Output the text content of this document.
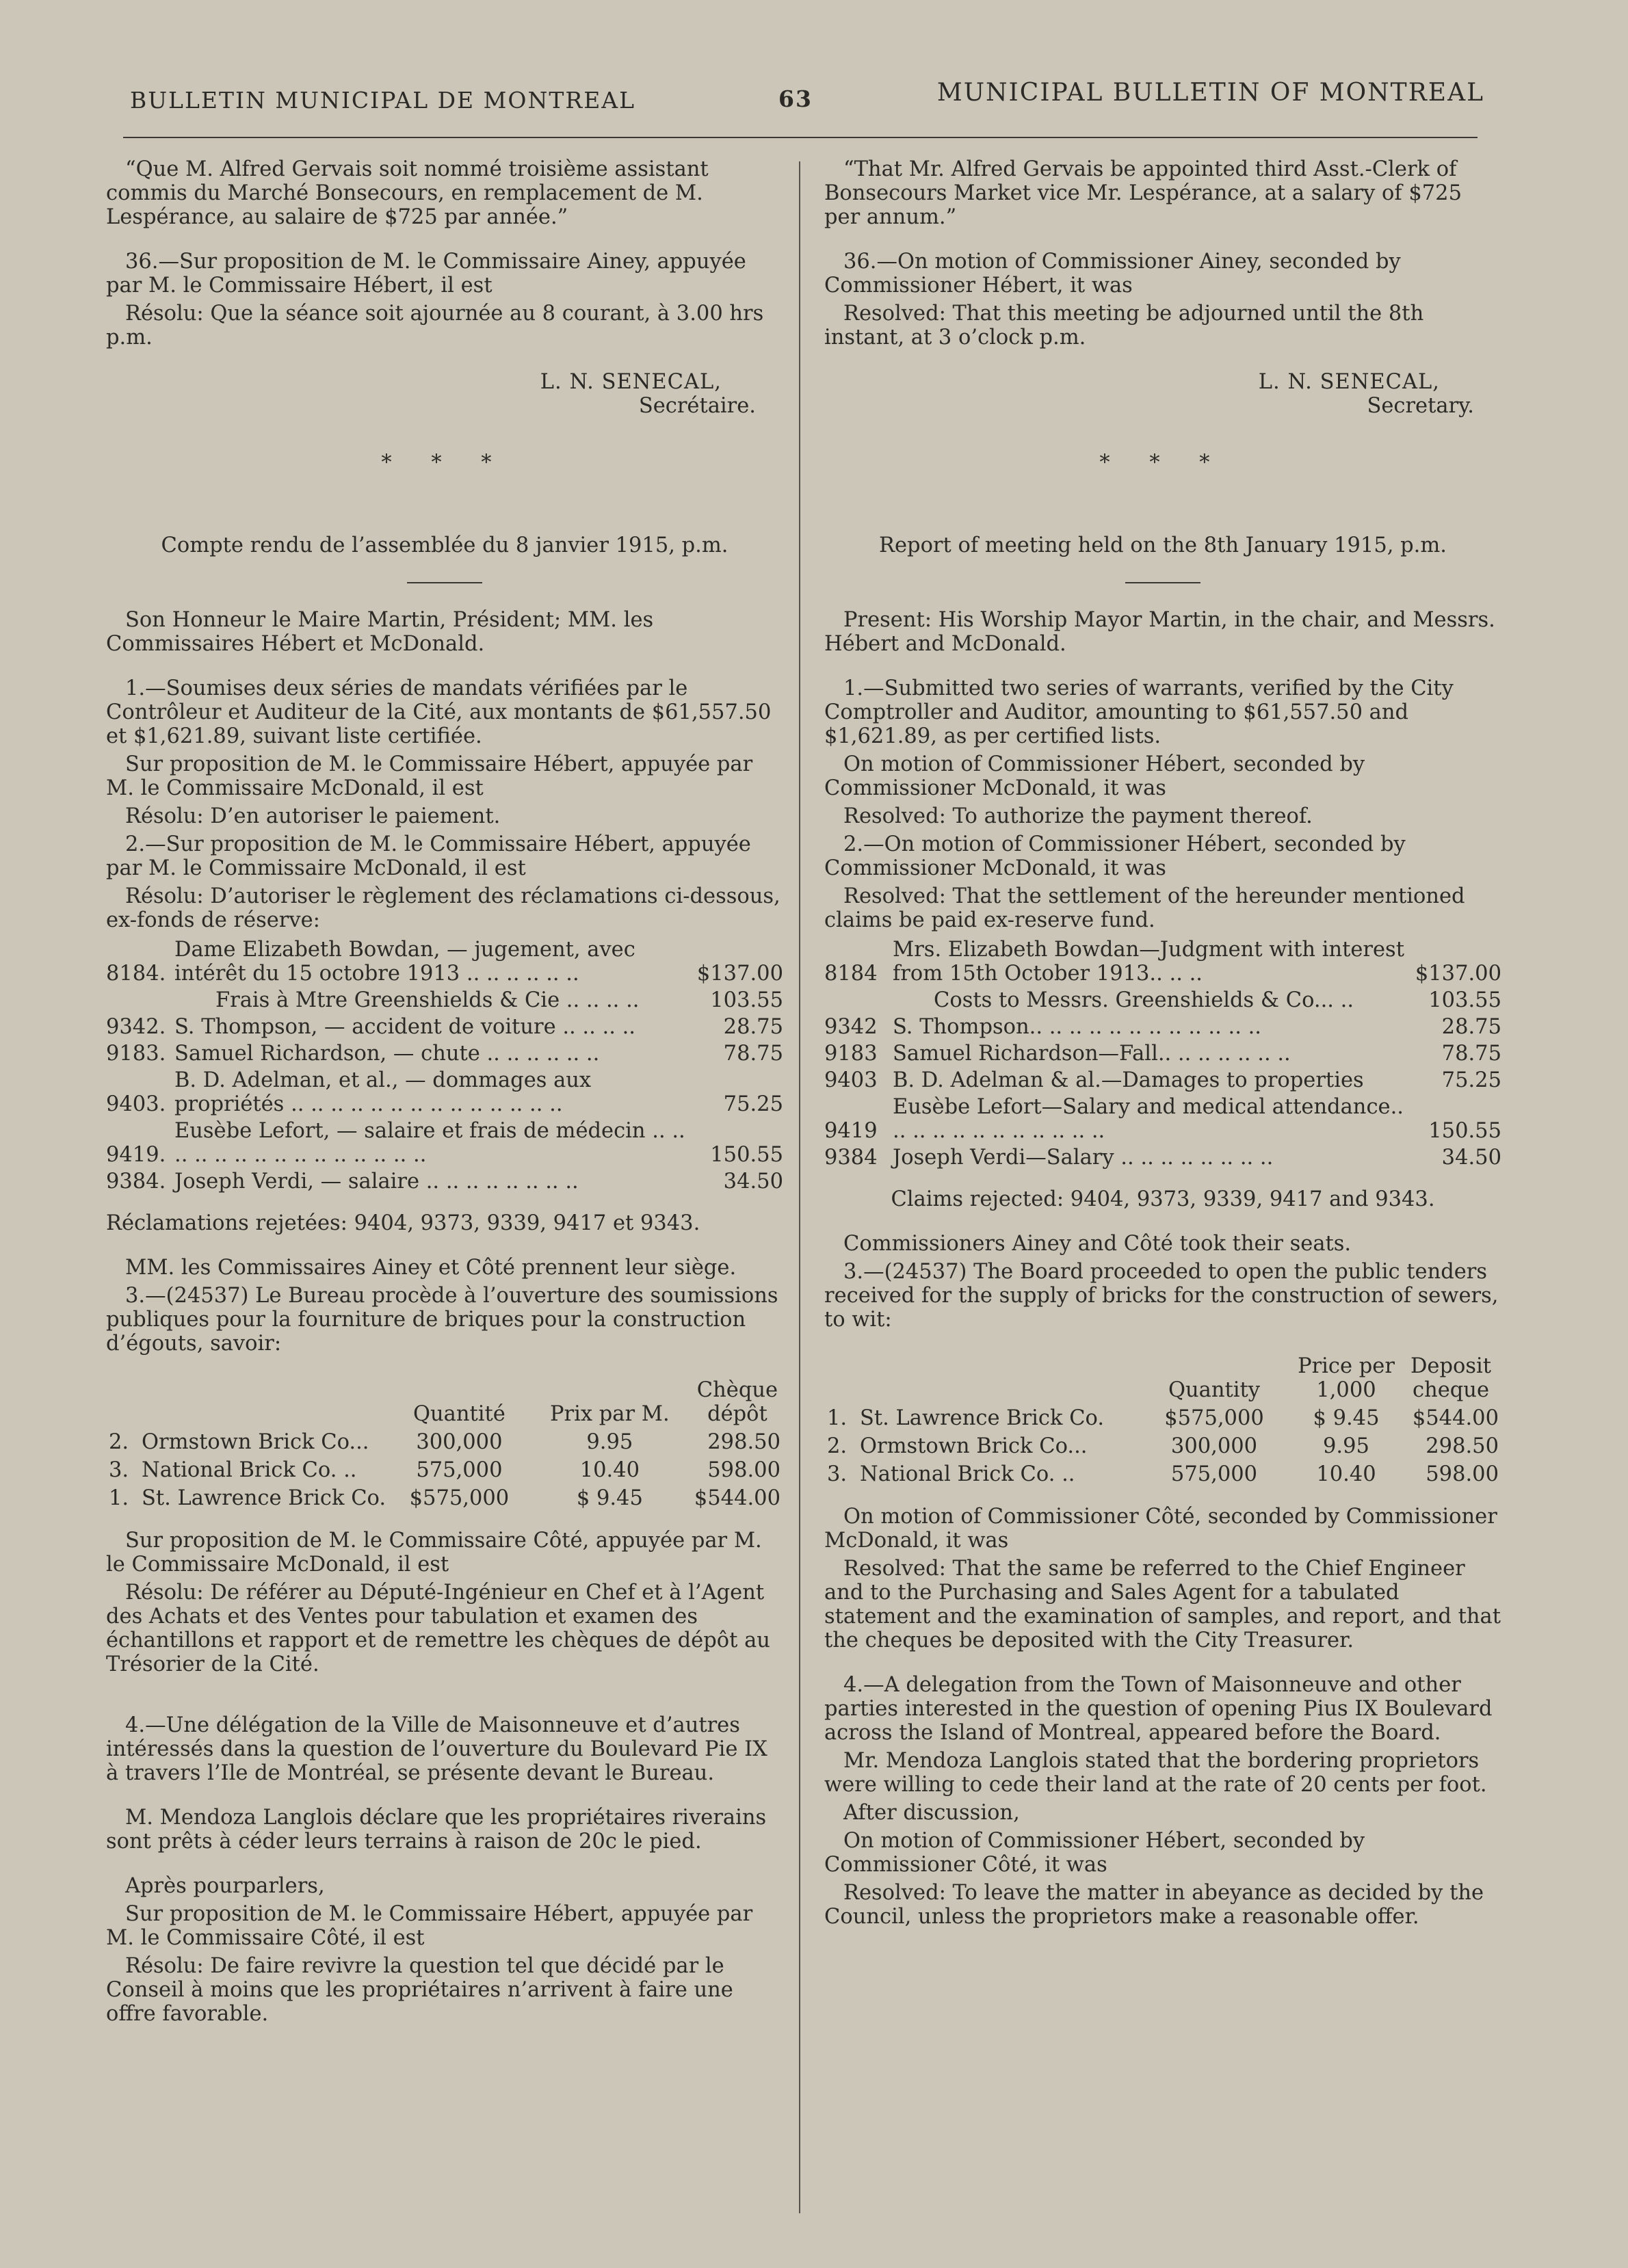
BULLETIN MUNICIPAL DE MONTREAL	63	MUNICIPAL BULLETIN OF MONTREAL

“Que M. Alfred Gervais soit nommé troisième assistant commis du Marché Bonsecours, en remplacement de M. Lespérance, au salaire de $725 par année.”

36.—Sur proposition de M. le Commissaire Ainey, appuyée par M. le Commissaire Hébert, il est

Résolu: Que la séance soit ajournée au 8 courant, à 3.00 hrs p.m.

L. N. SENECAL,

Secrétaire.

* * *

Compte rendu de l’assemblée du 8 janvier 1915, p.m.

Son Honneur le Maire Martin, Président; MM. les Commissaires Hébert et McDonald.

1.—Soumises deux séries de mandats vérifiées par le Contrôleur et Auditeur de la Cité, aux montants de $61,557.50 et $1,621.89, suivant liste certifiée.

Sur proposition de M. le Commissaire Hébert, appuyée par M. le Commissaire McDonald, il est

Résolu: D’en autoriser le paiement.

2.—Sur proposition de M. le Commissaire Hébert, appuyée par M. le Commissaire McDonald, il est

Résolu: D’autoriser le règlement des réclamations ci-dessous, ex-fonds de réserve:

8184.	Dame Elizabeth Bowdan, — jugement, avec intérêt du 15 octobre 1913 .. .. .. .. .. ..	$137.00
	Frais à Mtre Greenshields & Cie .. .. .. ..	103.55
9342.	S. Thompson, — accident de voiture .. .. .. ..	28.75
9183.	Samuel Richardson, — chute .. .. .. .. .. ..	78.75
9403.	B. D. Adelman, et al., — dommages aux propriétés .. .. .. .. .. .. .. .. .. .. .. .. .. ..	75.25
9419.	Eusèbe Lefort, — salaire et frais de médecin .. .. .. .. .. .. .. .. .. .. .. .. .. .. ..	150.55
9384.	Joseph Verdi, — salaire .. .. .. .. .. .. .. ..	34.50

Réclamations rejetées: 9404, 9373, 9339, 9417 et 9343.

MM. les Commissaires Ainey et Côté prennent leur siège.

3.—(24537) Le Bureau procède à l’ouverture des soumissions publiques pour la fourniture de briques pour la construction d’égouts, savoir:

		Quantité	Prix par M.	Chèque dépôt
2.	Ormstown Brick Co...	300,000	9.95	298.50
3.	National Brick Co. ..	575,000	10.40	598.00
1.	St. Lawrence Brick Co.	$575,000	$ 9.45	$544.00

Sur proposition de M. le Commissaire Côté, appuyée par M. le Commissaire McDonald, il est

Résolu: De référer au Député-Ingénieur en Chef et à l’Agent des Achats et des Ventes pour tabulation et examen des échantillons et rapport et de remettre les chèques de dépôt au Trésorier de la Cité.

4.—Une délégation de la Ville de Maisonneuve et d’autres intéressés dans la question de l’ouverture du Boulevard Pie IX à travers l’Ile de Montréal, se présente devant le Bureau.

M. Mendoza Langlois déclare que les propriétaires riverains sont prêts à céder leurs terrains à raison de 20c le pied.

Après pourparlers,

Sur proposition de M. le Commissaire Hébert, appuyée par M. le Commissaire Côté, il est

Résolu: De faire revivre la question tel que décidé par le Conseil à moins que les propriétaires n’arrivent à faire une offre favorable.

“That Mr. Alfred Gervais be appointed third Asst.-Clerk of Bonsecours Market vice Mr. Lespérance, at a salary of $725 per annum.”

36.—On motion of Commissioner Ainey, seconded by Commissioner Hébert, it was

Resolved: That this meeting be adjourned until the 8th instant, at 3 o’clock p.m.

L. N. SENECAL,

Secretary.

* * *

Report of meeting held on the 8th January 1915, p.m.

Present: His Worship Mayor Martin, in the chair, and Messrs. Hébert and McDonald.

1.—Submitted two series of warrants, verified by the City Comptroller and Auditor, amounting to $61,557.50 and $1,621.89, as per certified lists.

On motion of Commissioner Hébert, seconded by Commissioner McDonald, it was

Resolved: To authorize the payment thereof.

2.—On motion of Commissioner Hébert, seconded by Commissioner McDonald, it was

Resolved: That the settlement of the hereunder mentioned claims be paid ex-reserve fund.

8184	Mrs. Elizabeth Bowdan—Judgment with interest from 15th October 1913.. .. ..	$137.00
	Costs to Messrs. Greenshields & Co... ..	103.55
9342	S. Thompson.. .. .. .. .. .. .. .. .. .. .. ..	28.75
9183	Samuel Richardson—Fall.. .. .. .. .. .. ..	78.75
9403	B. D. Adelman & al.—Damages to properties	75.25
9419	Eusèbe Lefort—Salary and medical attendance.. .. .. .. .. .. .. .. .. .. .. ..	150.55
9384	Joseph Verdi—Salary .. .. .. .. .. .. .. ..	34.50

Claims rejected: 9404, 9373, 9339, 9417 and 9343.

Commissioners Ainey and Côté took their seats.

3.—(24537) The Board proceeded to open the public tenders received for the supply of bricks for the construction of sewers, to wit:

		Quantity	Price per 1,000	Deposit cheque
1.	St. Lawrence Brick Co.	$575,000	$ 9.45	$544.00
2.	Ormstown Brick Co...	300,000	9.95	298.50
3.	National Brick Co. ..	575,000	10.40	598.00

On motion of Commissioner Côté, seconded by Commissioner McDonald, it was

Resolved: That the same be referred to the Chief Engineer and to the Purchasing and Sales Agent for a tabulated statement and the examination of samples, and report, and that the cheques be deposited with the City Treasurer.

4.—A delegation from the Town of Maisonneuve and other parties interested in the question of opening Pius IX Boulevard across the Island of Montreal, appeared before the Board.

Mr. Mendoza Langlois stated that the bordering proprietors were willing to cede their land at the rate of 20 cents per foot.

After discussion,

On motion of Commissioner Hébert, seconded by Commissioner Côté, it was

Resolved: To leave the matter in abeyance as decided by the Council, unless the proprietors make a reasonable offer.
